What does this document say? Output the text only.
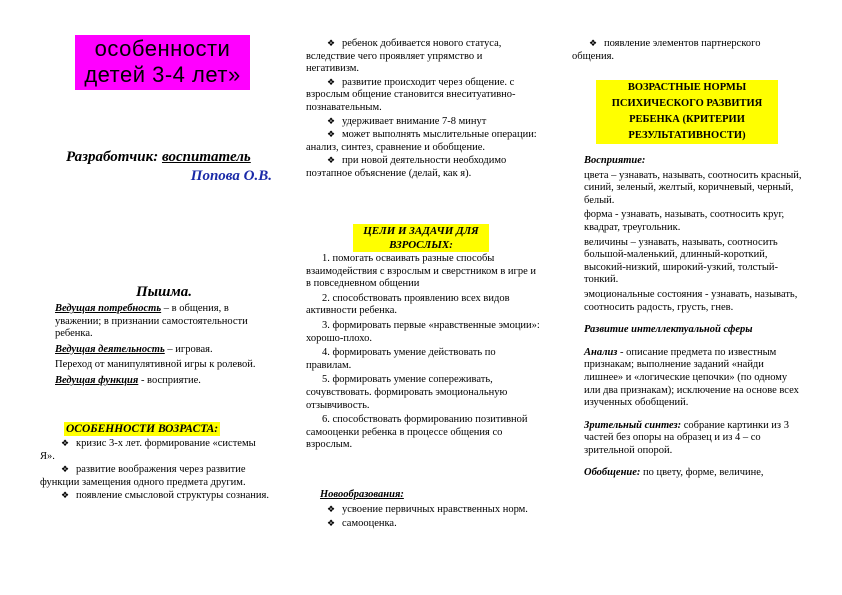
особенности
детей 3-4 лет»
Разработчик: воспитатель
Попова О.В.
Пышма.

Ведущая потребность – в общения, в уважении; в признании самостоятельности ребенка.

Ведущая деятельность – игровая.

Переход от манипулятивной игры к ролевой.

Ведущая функция - восприятие.

ОСОБЕННОСТИ ВОЗРАСТА:
❖ кризис 3-х лет. формирование «системы Я».
❖ развитие воображения через развитие функции замещения одного предмета другим.
❖ появление смысловой структуры сознания.
❖ ребенок добивается нового статуса, вследствие чего проявляет упрямство и негативизм.
❖ развитие происходит через общение. с взрослым общение становится внеситуативно-познавательным.
❖ удерживает внимание 7-8 минут
❖ может выполнять мыслительные операции: анализ, синтез, сравнение и обобщение.
❖ при новой деятельности необходимо поэтапное объяснение (делай, как я).
ЦЕЛИ И ЗАДАЧИ ДЛЯ ВЗРОСЛЫХ:
1. помогать осваивать разные способы взаимодействия с взрослым и сверстником в игре и в повседневном общении
2. способствовать проявлению всех видов активности ребенка.
3. формировать первые «нравственные эмоции»: хорошо-плохо.
4. формировать умение действовать по правилам.
5. формировать умение сопереживать, сочувствовать. формировать эмоциональную отзывчивость.
6. способствовать формированию позитивной самооценки ребенка в процессе общения со взрослым.
Новообразования:
❖ усвоение первичных нравственных норм.
❖ самооценка.
❖ появление элементов партнерского общения.
ВОЗРАСТНЫЕ НОРМЫ ПСИХИЧЕСКОГО РАЗВИТИЯ РЕБЕНКА (КРИТЕРИИ РЕЗУЛЬТАТИВНОСТИ)

Восприятие:

цвета – узнавать, называть, соотносить красный, синий, зеленый, желтый, коричневый, черный, белый.

форма - узнавать, называть, соотносить круг, квадрат, треугольник.

величины – узнавать, называть, соотносить большой-маленький, длинный-короткий, высокий-низкий, широкий-узкий, толстый-тонкий.

эмоциональные состояния - узнавать, называть, соотносить радость, грусть, гнев.

Развитие интеллектуальной сферы

Анализ - описание предмета по известным признакам; выполнение заданий «найди лишнее» и «логические цепочки» (по одному или два признакам); исключение на основе всех изученных обобщений.

Зрительный синтез: собрание картинки из 3 частей без опоры на образец и из 4 – со зрительной опорой.

Обобщение: по цвету, форме, величине,
